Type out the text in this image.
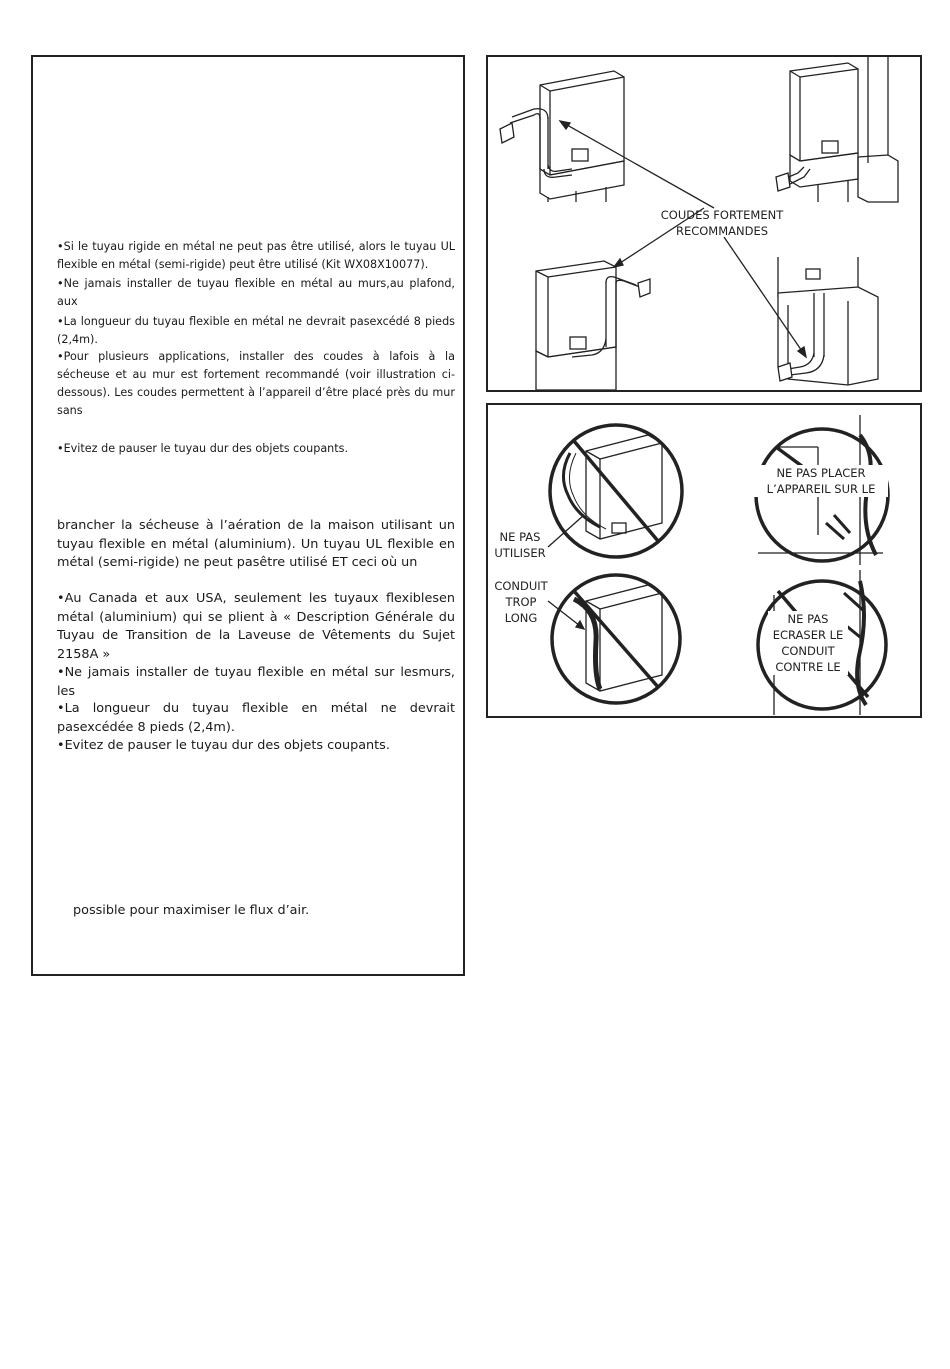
•Si le tuyau rigide en métal ne peut pas être utilisé, alors le tuyau UL flexible en métal (semi-rigide) peut être utilisé (Kit WX08X10077).
•Ne jamais installer de tuyau flexible en métal au murs,au plafond, aux
•La longueur du tuyau flexible en métal ne devrait pasexcédé 8 pieds (2,4m).
•Pour plusieurs applications, installer des coudes à lafois à la sécheuse et au mur est fortement recommandé (voir illustration ci-dessous). Les coudes permettent à l’appareil d’être placé près du mur sans
•Evitez de pauser le tuyau dur des objets coupants.
brancher la sécheuse à l’aération de la maison utilisant un tuyau flexible en métal (aluminium). Un tuyau UL flexible en métal (semi-rigide) ne peut pasêtre utilisé ET ceci où un
•Au Canada et aux USA, seulement les tuyaux flexiblesen métal (aluminium) qui se plient à « Description Générale du Tuyau de Transition de la Laveuse de Vêtements du Sujet 2158A »
•Ne jamais installer de tuyau flexible en métal sur lesmurs, les
•La longueur du tuyau flexible en métal ne devrait pasexcédée 8 pieds (2,4m).
•Evitez de pauser le tuyau dur des objets coupants.
possible pour maximiser le flux d’air.
COUDES FORTEMENT
RECOMMANDES
NE PAS
UTILISER
CONDUIT
TROP LONG
NE PAS PLACER
L’APPAREIL SUR LE
NE PAS
ECRASER LE
CONDUIT
CONTRE LE
